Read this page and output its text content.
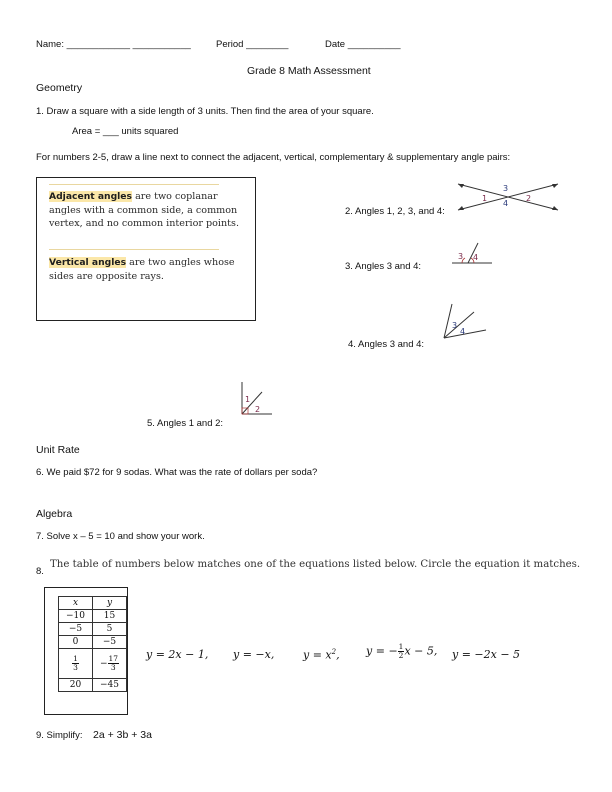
Name: ____________ ___________	Period ________	Date __________
Grade 8 Math Assessment
Geometry
1. Draw a square with a side length of 3 units. Then find the area of your square.
Area = ___ units squared
For numbers 2-5, draw a line next to connect the adjacent, vertical, complementary & supplementary angle pairs:
Adjacent angles are two coplanar angles with a common side, a common vertex, and no common interior points.
Vertical angles are two angles whose sides are opposite rays.
2. Angles 1, 2, 3, and 4:
1
3
4
2
3. Angles 3 and 4:
3 4
4. Angles 3 and 4:
3
4
5. Angles 1 and 2:
1
2
Unit Rate
6. We paid $72 for 9 sodas. What was the rate of dollars per soda?
Algebra
7. Solve x – 5 = 10 and show your work.
8.
The table of numbers below matches one of the equations listed below. Circle the equation it matches.
x	y
−10	15
−5	5
0	−5

$\frac{1}{3}$	− $\frac{17}{3}$

20	−45
y = 2x − 1, y = −x,	$y = x^2$, y = − $\frac{1}{2}$ x − 5, y = −2x − 5
9. Simplify: 2a + 3b + 3a
